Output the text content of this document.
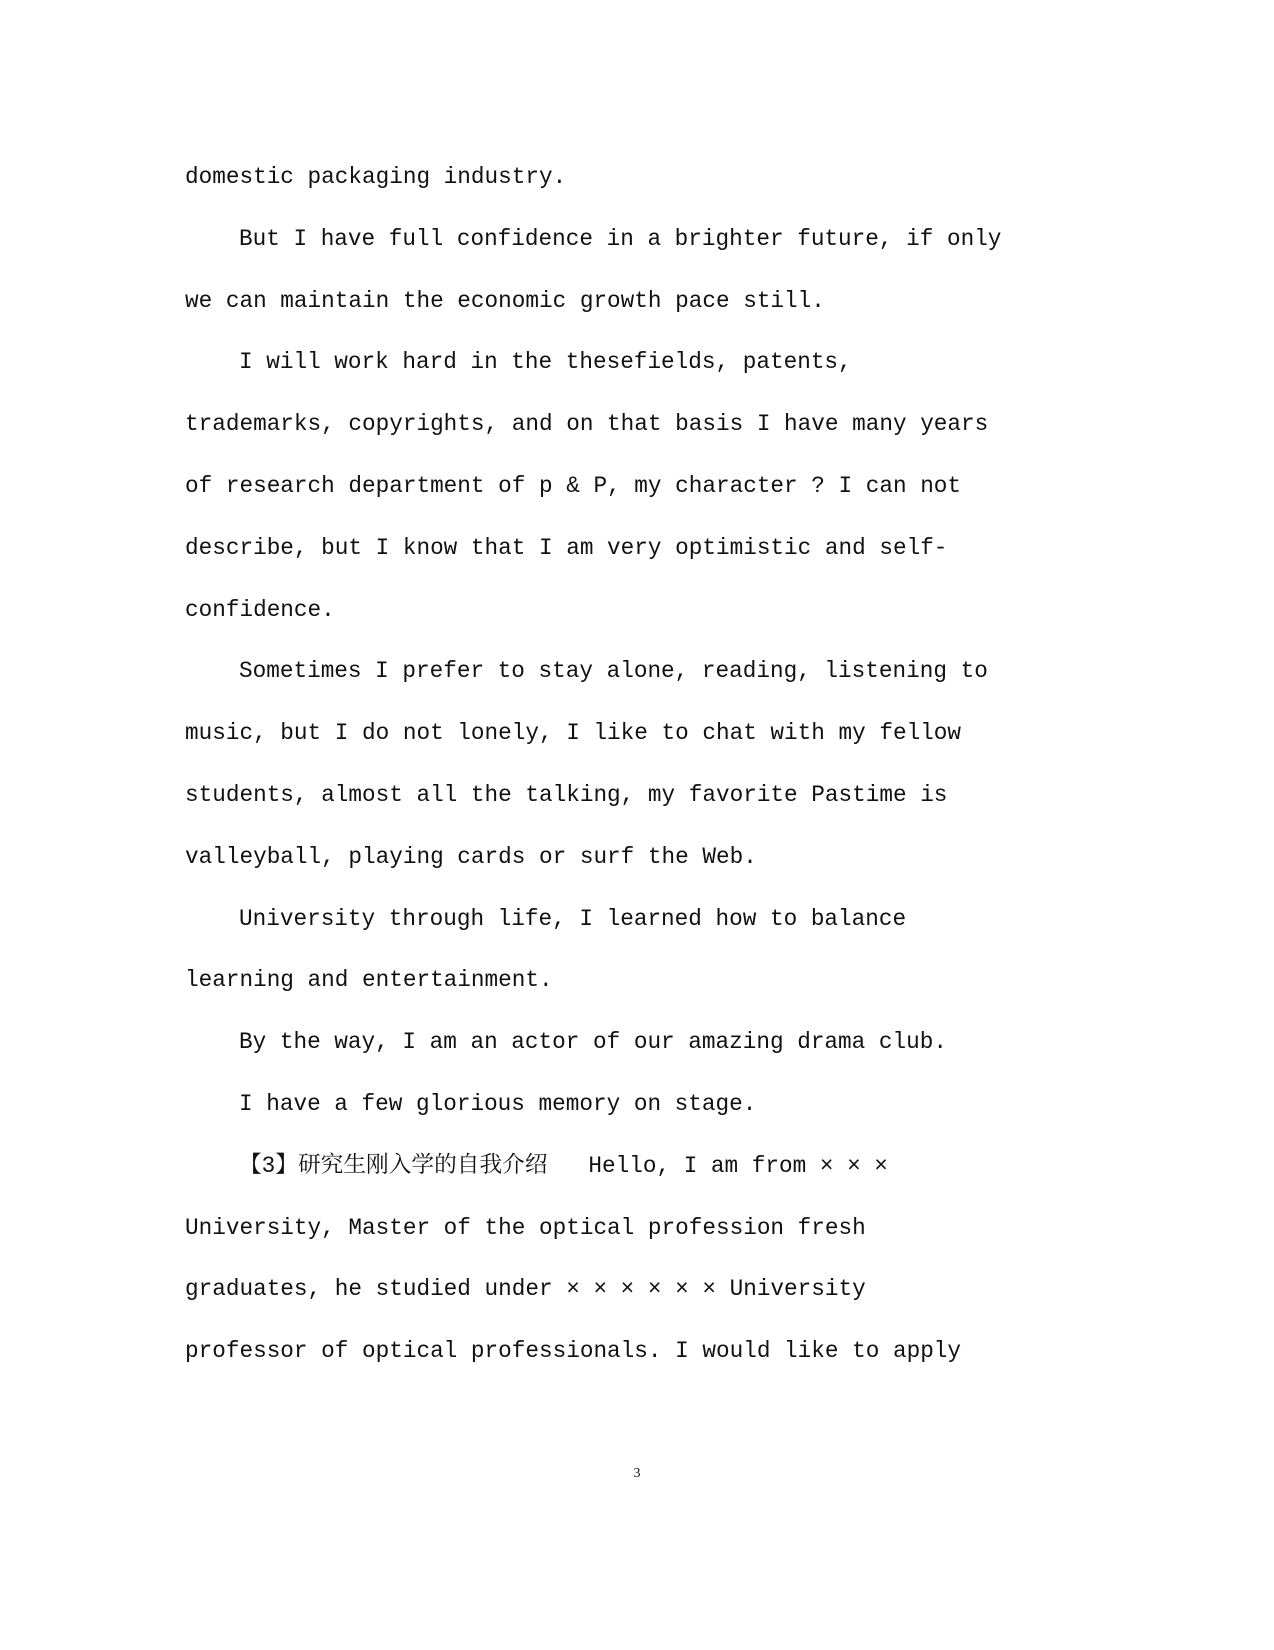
domestic packaging industry.
But I have full confidence in a brighter future, if only
we can maintain the economic growth pace still.
I will work hard in the thesefields, patents,
trademarks, copyrights, and on that basis I have many years
of research department of p & P, my character ? I can not
describe, but I know that I am very optimistic and self-
confidence.
Sometimes I prefer to stay alone, reading, listening to
music, but I do not lonely, I like to chat with my fellow
students, almost all the talking, my favorite Pastime is
valleyball, playing cards or surf the Web.
University through life, I learned how to balance
learning and entertainment.
By the way, I am an actor of our amazing drama club.
I have a few glorious memory on stage.
【3】研究生刚入学的自我介绍   Hello, I am from × × ×
University, Master of the optical profession fresh
graduates, he studied under × × × × × × University
professor of optical professionals. I would like to apply
3
